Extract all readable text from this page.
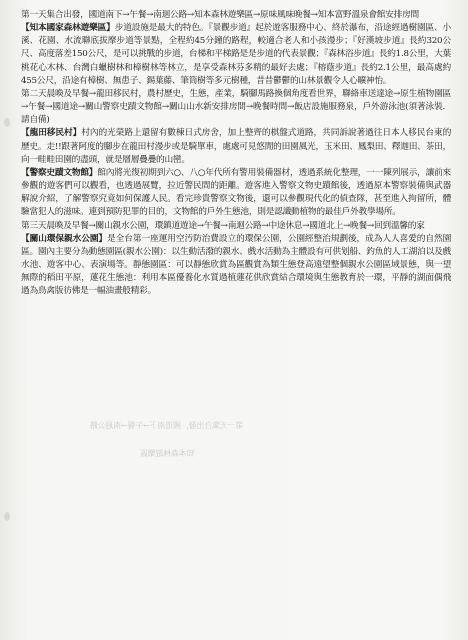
第一天集合出發，國道南下→午餐→南迴公路→知本森林遊樂區→原味風味晚餐→知本富野溫泉會館安排房間

【知本國家森林遊樂區】步道設施是最大的特色。『景觀步道』起於遊客服務中心、終於瀑布，沿途經過樹園區、小溪、花園、水流聯底拔摩步道等景點，全程約45分鐘的路程，較適合老人和小孩漫步；『好漢坡步道』長約320公尺、高度落差150公尺，是可以挑戰的步道，台梯和平梯路是是步道的代表景觀；『森林浴步道』長約1.8公里，大葉桃花心木林、台灣白蠟樹林和樟樹林等林立，是享受森林芬多精的最好去處；『榕蔭步道』長約2.1公里，最高處約455公尺，沿途有樟樹、無患子、錫葉藤、筆筒樹等多元樹種，昔昔鬱鬱的山林景觀令人心曠神怡。

第二天晨喚及早餐→龍田移民村，農村歷史，生態，產業，騎腳馬路換個角度看世界，聯絡車送達途→原生植物園區→午餐→國道途→關山警察史蹟文物館→關山山水新安排房間→晚餐時間→飯店設施服務泉，戶外游泳池(須著泳裝．請自備)

【龍田移民村】村內的光榮路上還留有數棟日式房舍，加上整齊的棋盤式道路，共同訴說著過往日本人移民台東的歷史。走!!跟著阿度的腳步在龍田村漫步或是騎單車，處處可見悠閒的田園風光，玉米田、鳳梨田、釋迦田、茶田，向一畦畦田園的盡頭，就是層層疊疊的山巒。

【警察史蹟文物館】館內將光復初期到六○、八○年代所有警用裝備器材，透過系統化整理，一一陳列展示，讓前來參觀的遊客們可以觀看，也透過展覽，拉近警民間的距離。遊客進入警察文物史蹟館後，透過原本警察裝備與武器解說介紹，了解警察究竟如何保護人民。看完珍貴警察文物後，還可以參觀現代化的偵查隊，甚至進入拘留所，體驗當犯人的滋味。連到預防犯罪的目的，文物館的戶外生態池，則是認識動植物的最佳戶外教學場所。

第三天晨喚及早餐→關山親水公園，環鎮道遊途→午餐→南迴公路→中途休息→國道北上→晚餐→回到溫馨的家

【關山環保親水公園】是全台第一座運用空汚防治費設立的環保公園，公園經整治規劃後，成為人人喜愛的自然園區。園內主要分為動態園區(親水公園)：以生動活潑的親水、戲水活動為主體設有可供划船、釣魚的人工湖泊以及戲水池、遊客中心、表演場等。靜態園區：可以靜態欣賞為區觀賞為類生態登高遠望整個親水公園區域景態，與一望無際的稻田平原，蓮花生態池：利用本區優養化水質過植蓮花供欣賞結合環境與生態教育於一環，平靜的湖面偶飛過為鳥禽版彷佛是一幅油畫般精彩。

第一天集合出發，國道南下→午餐→南迴公路
知本森林遊樂區
